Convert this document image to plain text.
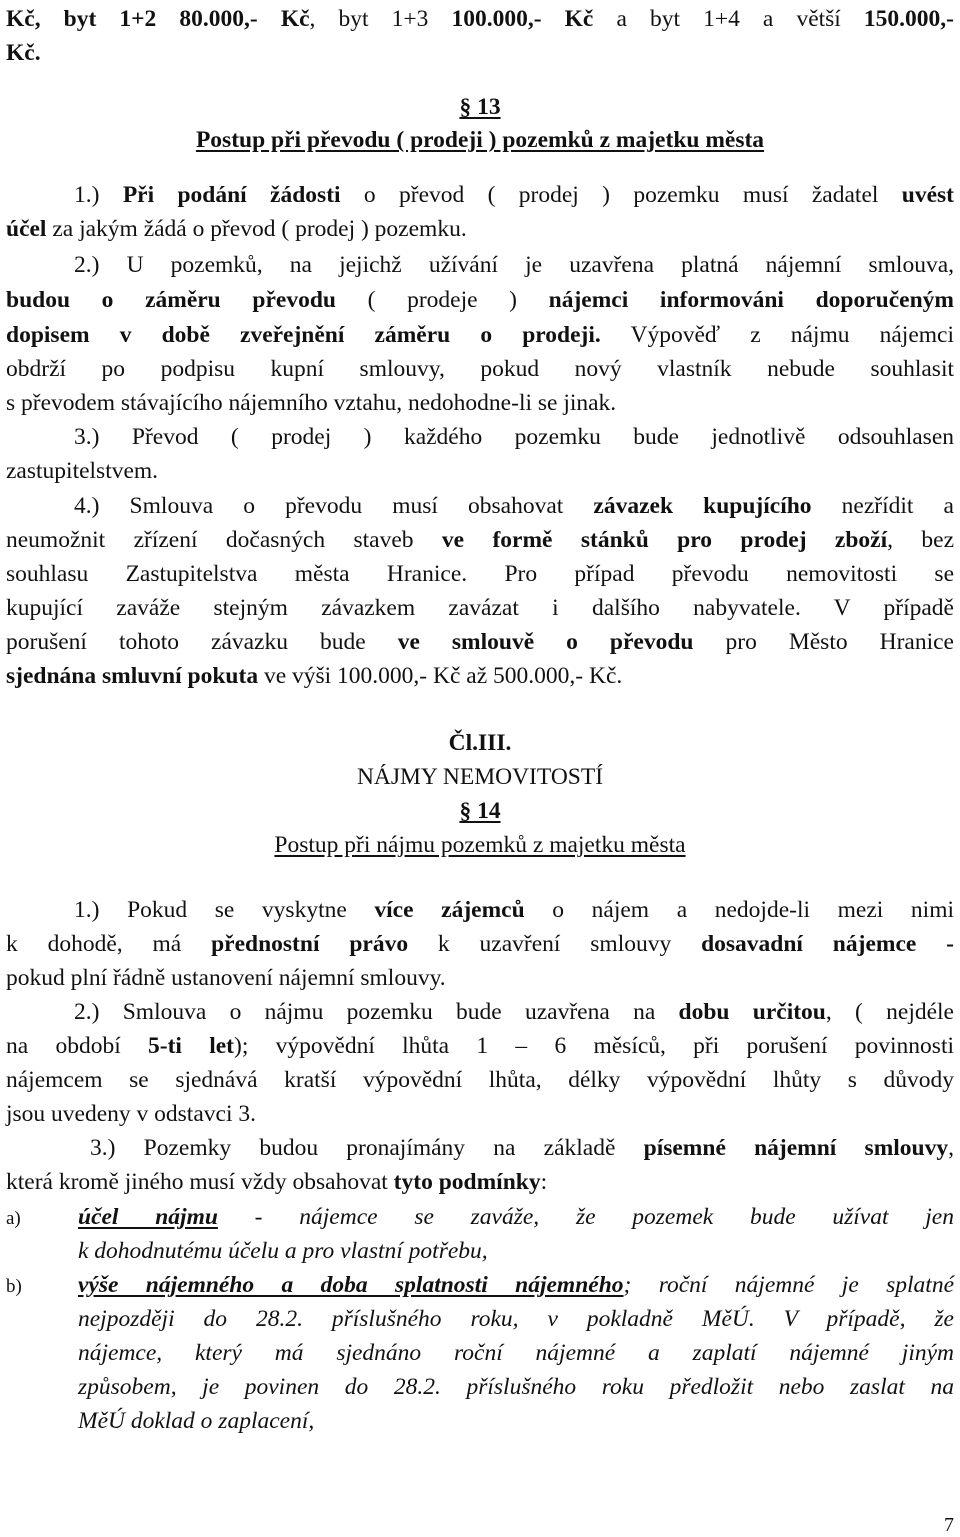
Kč, byt 1+2 80.000,- Kč, byt 1+3 100.000,- Kč a byt 1+4 a větší 150.000,-
Kč.
§ 13
Postup při převodu ( prodeji ) pozemků z majetku města
1.) Při podání žádosti o převod ( prodej ) pozemku musí žadatel uvést
účel za jakým žádá o převod ( prodej ) pozemku.
2.) U pozemků, na jejichž užívání je uzavřena platná nájemní smlouva,
budou o záměru převodu ( prodeje ) nájemci informováni doporučeným
dopisem v době zveřejnění záměru o prodeji. Výpověď z nájmu nájemci
obdrží po podpisu kupní smlouvy, pokud nový vlastník nebude souhlasit
s převodem stávajícího nájemního vztahu, nedohodne-li se jinak.
3.) Převod ( prodej ) každého pozemku bude jednotlivě odsouhlasen
zastupitelstvem.
4.) Smlouva o převodu musí obsahovat závazek kupujícího nezřídit a
neumožnit zřízení dočasných staveb ve formě stánků pro prodej zboží, bez
souhlasu Zastupitelstva města Hranice. Pro případ převodu nemovitosti se
kupující zaváže stejným závazkem zavázat i dalšího nabyvatele. V případě
porušení tohoto závazku bude ve smlouvě o převodu pro Město Hranice
sjednána smluvní pokuta ve výši 100.000,- Kč až 500.000,- Kč.
Čl.III.
NÁJMY NEMOVITOSTÍ
§ 14
Postup při nájmu pozemků z majetku města
1.) Pokud se vyskytne více zájemců o nájem a nedojde-li mezi nimi
k dohodě, má přednostní právo k uzavření smlouvy dosavadní nájemce -
pokud plní řádně ustanovení nájemní smlouvy.
2.) Smlouva o nájmu pozemku bude uzavřena na dobu určitou, ( nejdéle
na období 5-ti let); výpovědní lhůta 1 – 6 měsíců, při porušení povinnosti
nájemcem se sjednává kratší výpovědní lhůta, délky výpovědní lhůty s důvody
jsou uvedeny v odstavci 3.
3.) Pozemky budou pronajímány na základě písemné nájemní smlouvy,
která kromě jiného musí vždy obsahovat tyto podmínky:
a)	účel nájmu - nájemce se zaváže, že pozemek bude užívat jen
k dohodnutému účelu a pro vlastní potřebu,
b)	výše nájemného a doba splatnosti nájemného; roční nájemné je splatné
nejpozději do 28.2. příslušného roku, v pokladně MěÚ. V případě, že
nájemce, který má sjednáno roční nájemné a zaplatí nájemné jiným
způsobem, je povinen do 28.2. příslušného roku předložit nebo zaslat na
MěÚ doklad o zaplacení,
7
